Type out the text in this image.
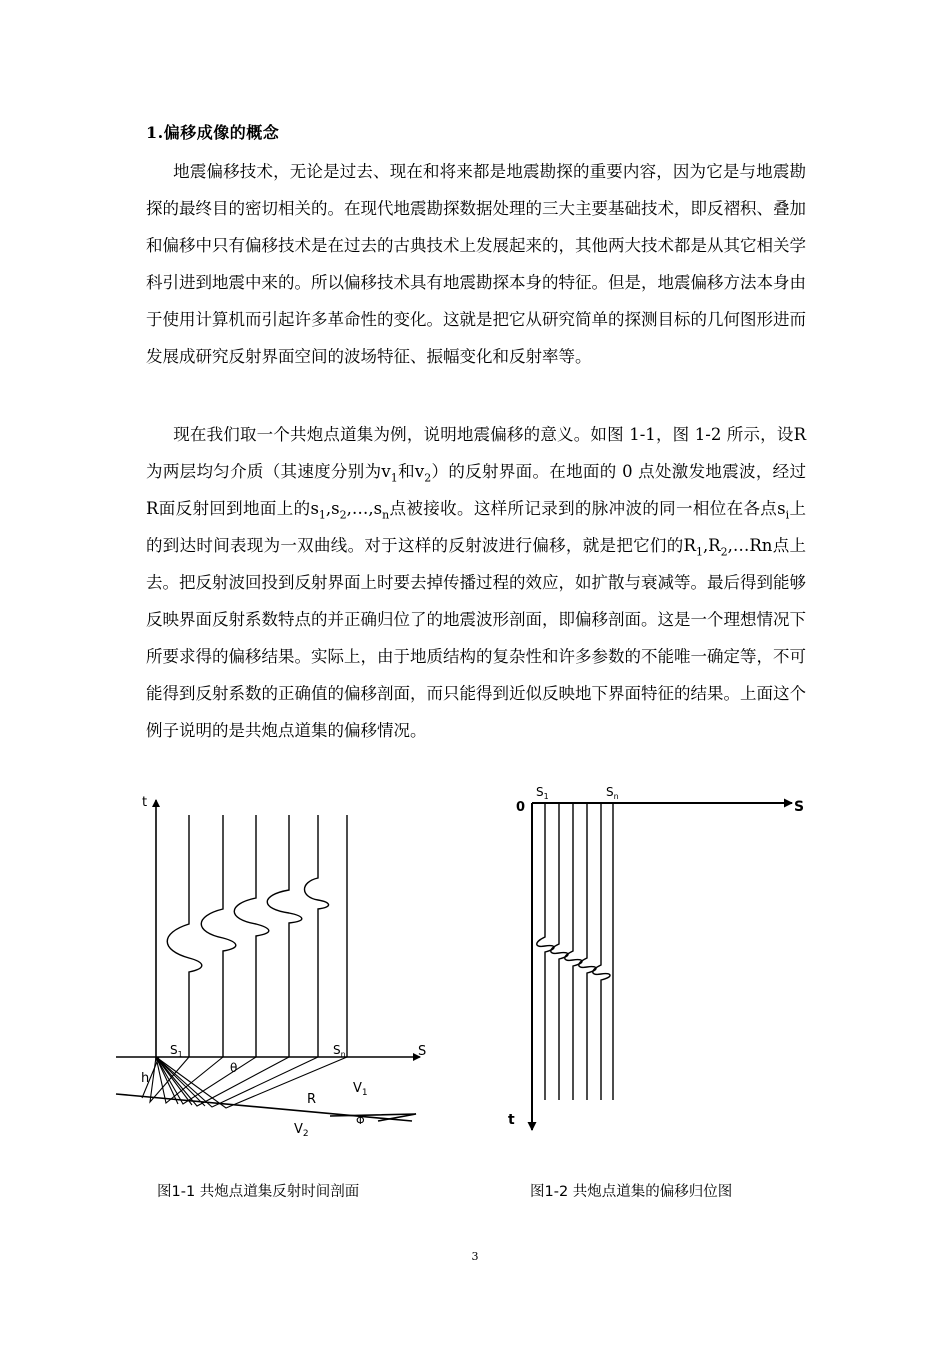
1.偏移成像的概念

地震偏移技术，无论是过去、现在和将来都是地震勘探的重要内容，因为它是与地震勘探的最终目的密切相关的。在现代地震勘探数据处理的三大主要基础技术，即反褶积、叠加和偏移中只有偏移技术是在过去的古典技术上发展起来的，其他两大技术都是从其它相关学科引进到地震中来的。所以偏移技术具有地震勘探本身的特征。但是，地震偏移方法本身由于使用计算机而引起许多革命性的变化。这就是把它从研究简单的探测目标的几何图形进而发展成研究反射界面空间的波场特征、振幅变化和反射率等。

现在我们取一个共炮点道集为例，说明地震偏移的意义。如图 1-1，图 1-2 所示，设R为两层均匀介质（其速度分别为$v_1$和$v_2$）的反射界面。在地面的 0 点处激发地震波，经过R面反射回到地面上的$s_1,s_2,\dots,s_n$点被接收。这样所记录到的脉冲波的同一相位在各点$s_i$上的到达时间表现为一双曲线。对于这样的反射波进行偏移，就是把它们的$R_1,R_2,\dots Rn$点上去。把反射波回投到反射界面上时要去掉传播过程的效应，如扩散与衰减等。最后得到能够反映界面反射系数特点的并正确归位了的地震波形剖面，即偏移剖面。这是一个理想情况下所要求得的偏移结果。实际上，由于地质结构的复杂性和许多参数的不能唯一确定等，不可能得到反射系数的正确值的偏移剖面，而只能得到近似反映地下界面特征的结果。上面这个例子说明的是共炮点道集的偏移情况。

t
S
$S_1$	$S_n$
θ
h
R
$V_1$
$V_2$
Φ
0	S
t
$S_1$	$S_n$
图1-1 共炮点道集反射时间剖面	图1-2 共炮点道集的偏移归位图
3
